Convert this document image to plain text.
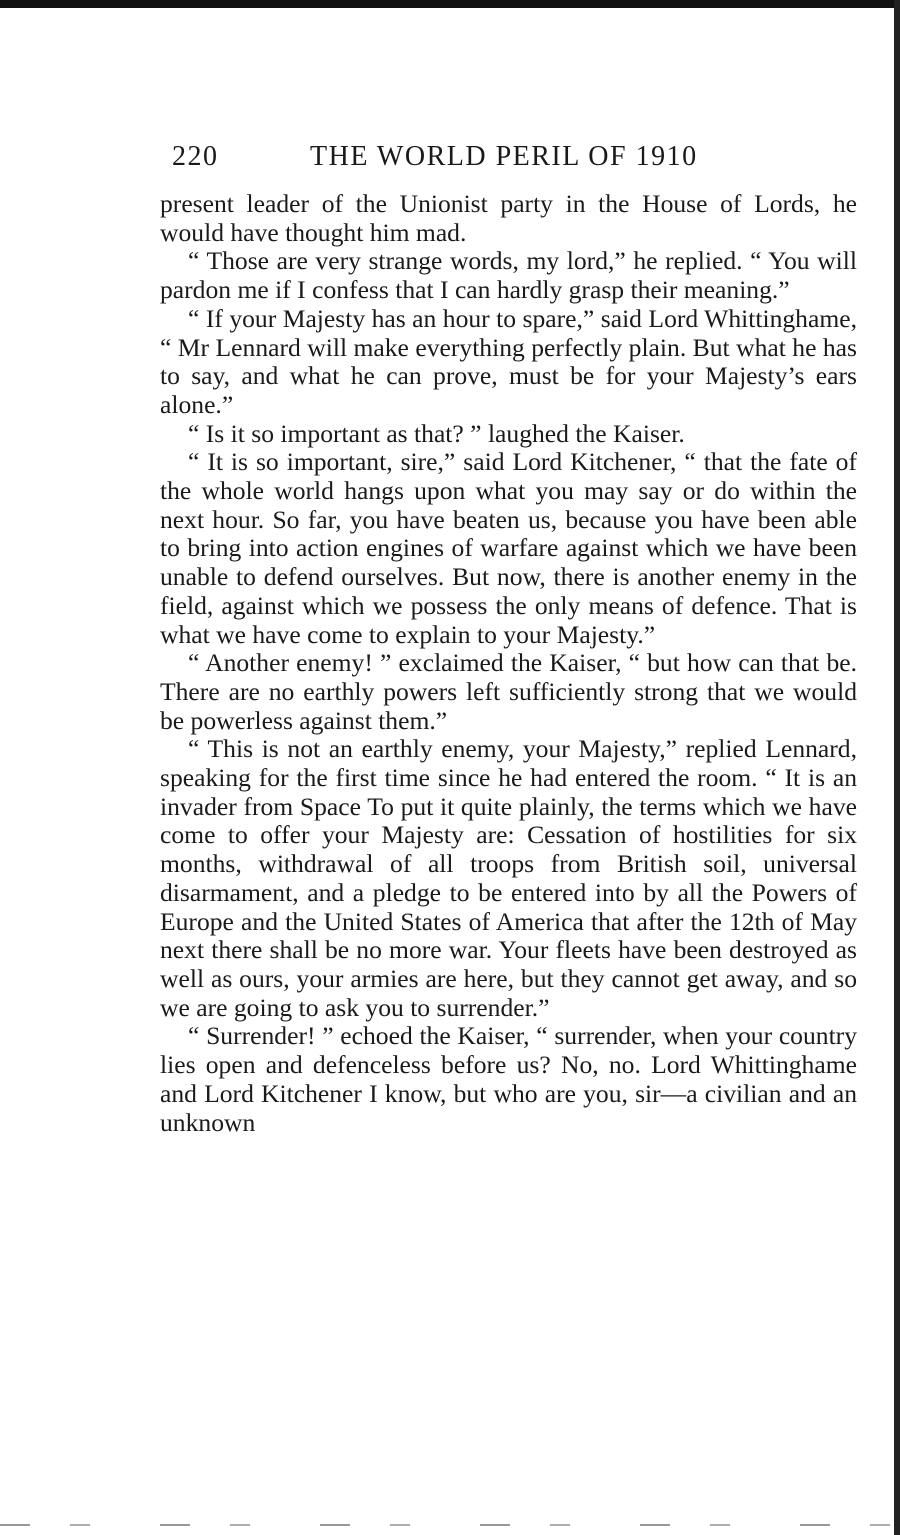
220	THE WORLD PERIL OF 1910

present leader of the Unionist party in the House of Lords, he would have thought him mad.

“ Those are very strange words, my lord,” he replied. “ You will pardon me if I confess that I can hardly grasp their meaning.”

“ If your Majesty has an hour to spare,” said Lord Whittinghame, “ Mr Lennard will make everything perfectly plain. But what he has to say, and what he can prove, must be for your Majesty’s ears alone.”

“ Is it so important as that? ” laughed the Kaiser.

“ It is so important, sire,” said Lord Kitchener, “ that the fate of the whole world hangs upon what you may say or do within the next hour. So far, you have beaten us, because you have been able to bring into action engines of warfare against which we have been unable to defend ourselves. But now, there is another enemy in the field, against which we possess the only means of defence. That is what we have come to explain to your Majesty.”

“ Another enemy! ” exclaimed the Kaiser, “ but how can that be. There are no earthly powers left sufficiently strong that we would be powerless against them.”

“ This is not an earthly enemy, your Majesty,” replied Lennard, speaking for the first time since he had entered the room. “ It is an invader from Space To put it quite plainly, the terms which we have come to offer your Majesty are: Cessation of hostilities for six months, withdrawal of all troops from British soil, universal disarmament, and a pledge to be entered into by all the Powers of Europe and the United States of America that after the 12th of May next there shall be no more war. Your fleets have been destroyed as well as ours, your armies are here, but they cannot get away, and so we are going to ask you to surrender.”

“ Surrender! ” echoed the Kaiser, “ surrender, when your country lies open and defenceless before us? No, no. Lord Whittinghame and Lord Kitchener I know, but who are you, sir—a civilian and an unknown
